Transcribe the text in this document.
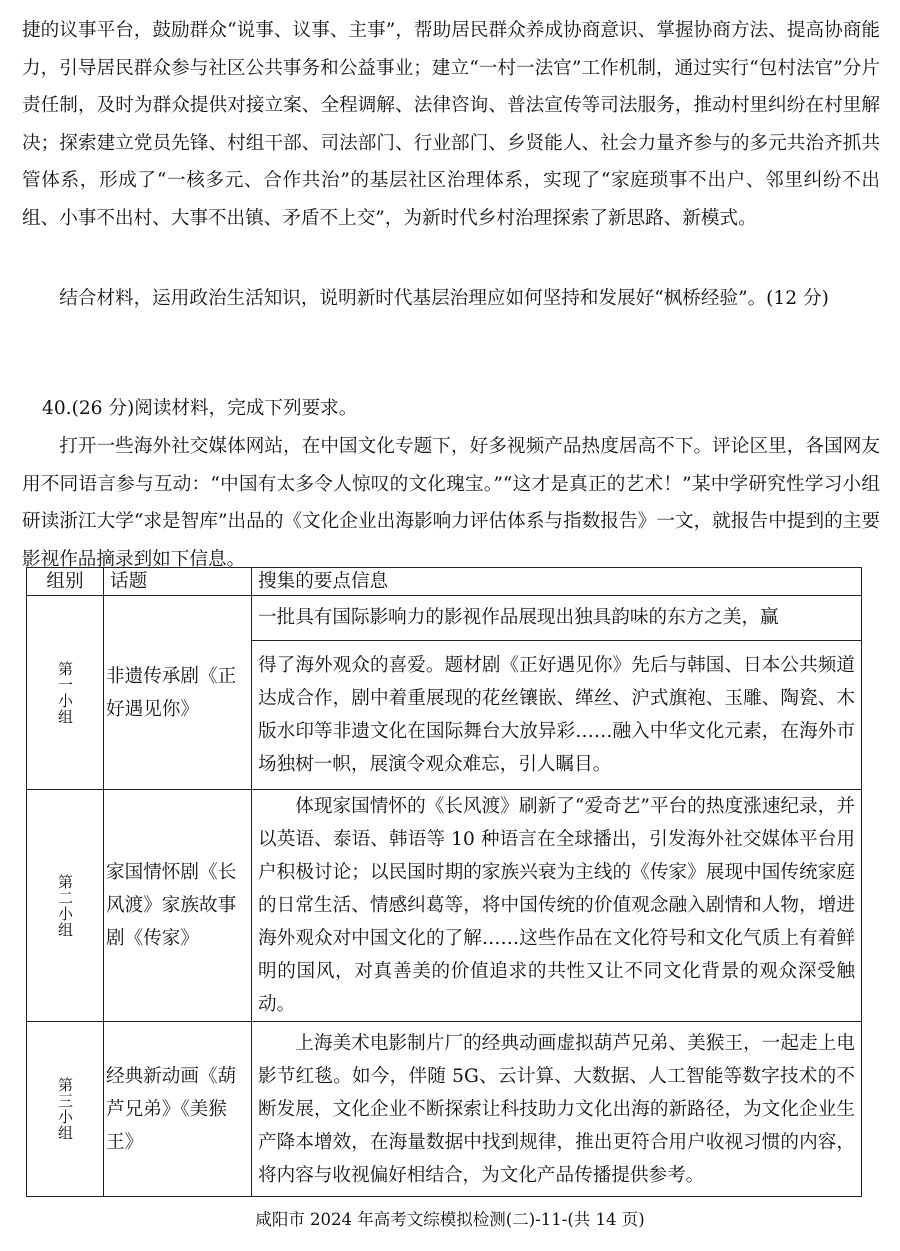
捷的议事平台，鼓励群众“说事、议事、主事”，帮助居民群众养成协商意识、掌握协商方法、提高协商能力，引导居民群众参与社区公共事务和公益事业；建立“一村一法官”工作机制，通过实行“包村法官”分片责任制，及时为群众提供对接立案、全程调解、法律咨询、普法宣传等司法服务，推动村里纠纷在村里解决；探索建立党员先锋、村组干部、司法部门、行业部门、乡贤能人、社会力量齐参与的多元共治齐抓共管体系，形成了“一核多元、合作共治”的基层社区治理体系，实现了“家庭琐事不出户、邻里纠纷不出组、小事不出村、大事不出镇、矛盾不上交”，为新时代乡村治理探索了新思路、新模式。

结合材料，运用政治生活知识，说明新时代基层治理应如何坚持和发展好“枫桥经验”。(12 分)

40.(26 分)阅读材料，完成下列要求。

打开一些海外社交媒体网站，在中国文化专题下，好多视频产品热度居高不下。评论区里，各国网友用不同语言参与互动：“中国有太多令人惊叹的文化瑰宝。”“这才是真正的艺术！”某中学研究性学习小组研读浙江大学“求是智库”出品的《文化企业出海影响力评估体系与指数报告》一文，就报告中提到的主要影视作品摘录到如下信息。

组别	话题	搜集的要点信息

第一小组	非遗传承剧《正好遇见你》	一批具有国际影响力的影视作品展现出独具韵味的东方之美，赢
得了海外观众的喜爱。题材剧《正好遇见你》先后与韩国、日本公共频道达成合作，剧中着重展现的花丝镶嵌、缂丝、沪式旗袍、玉雕、陶瓷、木版水印等非遗文化在国际舞台大放异彩……融入中华文化元素，在海外市场独树一帜，展演令观众难忘，引人瞩目。

第二小组	家国情怀剧《长风渡》家族故事剧《传家》	体现家国情怀的《长风渡》刷新了“爱奇艺”平台的热度涨速纪录，并以英语、泰语、韩语等 10 种语言在全球播出，引发海外社交媒体平台用户积极讨论；以民国时期的家族兴衰为主线的《传家》展现中国传统家庭的日常生活、情感纠葛等，将中国传统的价值观念融入剧情和人物，增进海外观众对中国文化的了解……这些作品在文化符号和文化气质上有着鲜明的国风，对真善美的价值追求的共性又让不同文化背景的观众深受触动。

第三小组	经典新动画《葫芦兄弟》《美猴王》	上海美术电影制片厂的经典动画虚拟葫芦兄弟、美猴王，一起走上电影节红毯。如今，伴随 5G、云计算、大数据、人工智能等数字技术的不断发展，文化企业不断探索让科技助力文化出海的新路径，为文化企业生产降本增效，在海量数据中找到规律，推出更符合用户收视习惯的内容，将内容与收视偏好相结合，为文化产品传播提供参考。
咸阳市 2024 年高考文综模拟检测(二)-11-(共 14 页)
